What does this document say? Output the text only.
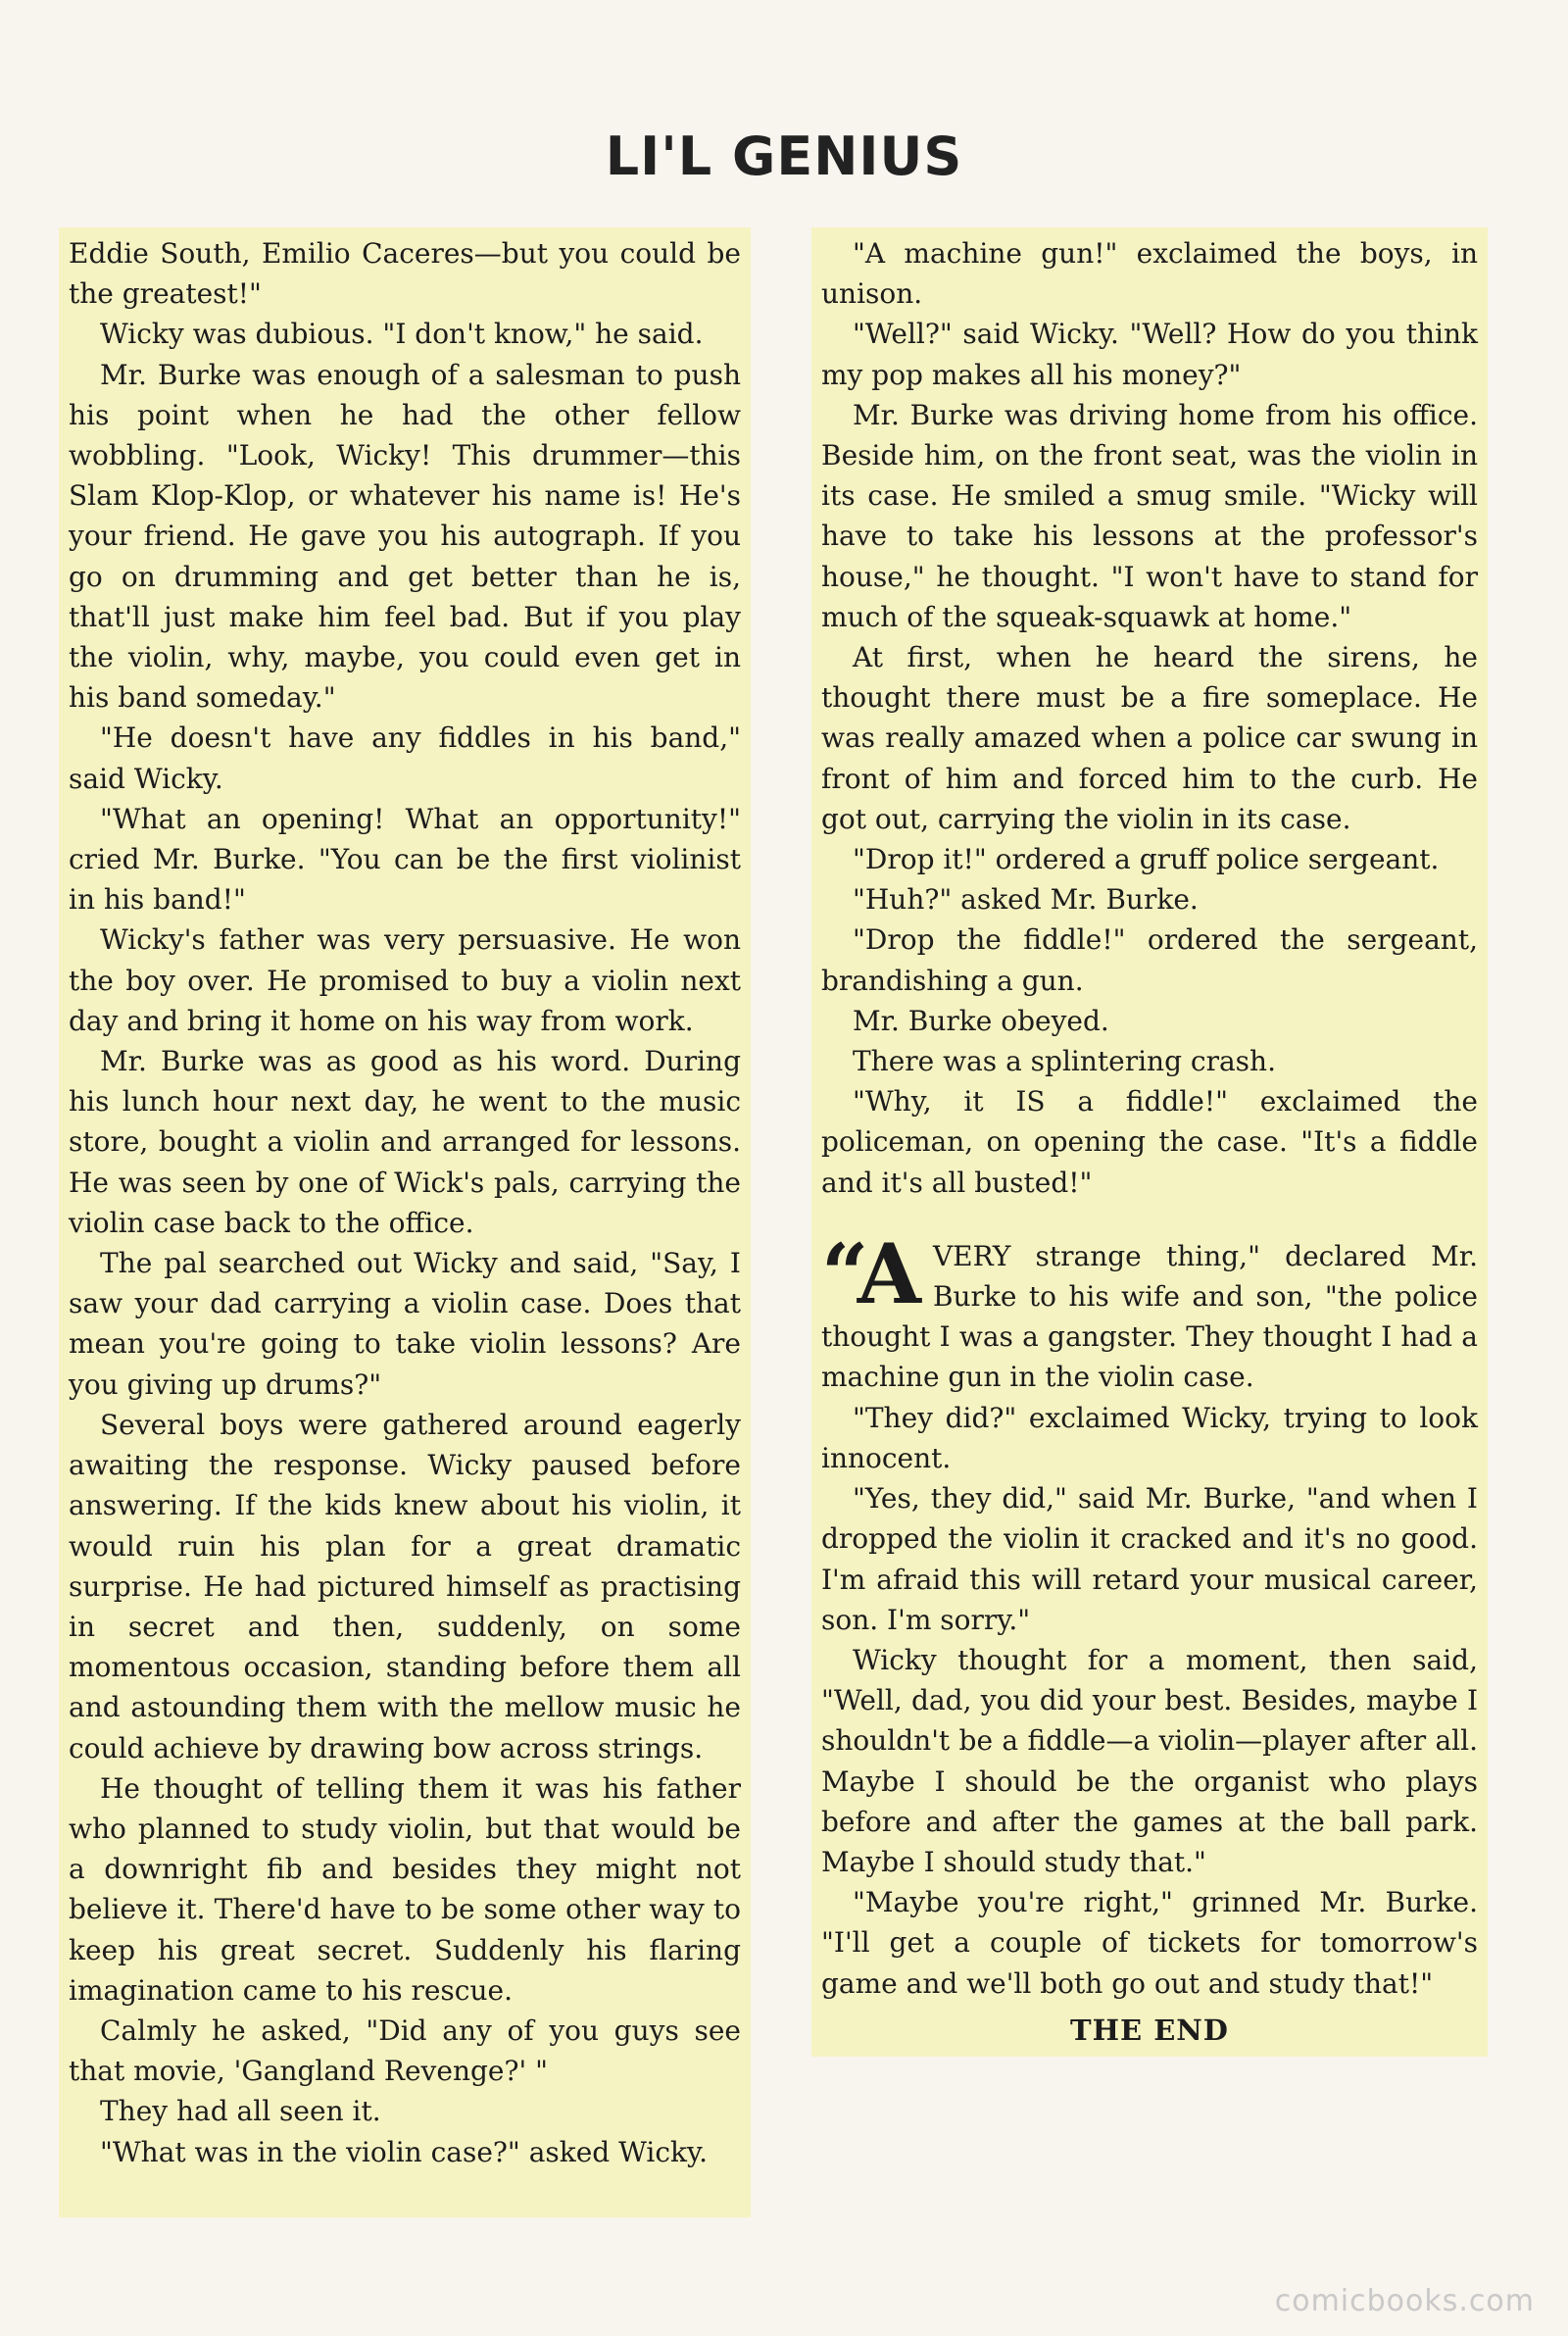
LI'L GENIUS

Eddie South, Emilio Caceres—but you could be the greatest!"

Wicky was dubious. "I don't know," he said.

Mr. Burke was enough of a salesman to push his point when he had the other fellow wobbling. "Look, Wicky! This drummer—this Slam Klop-Klop, or whatever his name is! He's your friend. He gave you his autograph. If you go on drumming and get better than he is, that'll just make him feel bad. But if you play the violin, why, maybe, you could even get in his band someday."

"He doesn't have any fiddles in his band," said Wicky.

"What an opening! What an opportunity!" cried Mr. Burke. "You can be the first violinist in his band!"

Wicky's father was very persuasive. He won the boy over. He promised to buy a violin next day and bring it home on his way from work.

Mr. Burke was as good as his word. During his lunch hour next day, he went to the music store, bought a violin and arranged for lessons. He was seen by one of Wick's pals, carrying the violin case back to the office.

The pal searched out Wicky and said, "Say, I saw your dad carrying a violin case. Does that mean you're going to take violin lessons? Are you giving up drums?"

Several boys were gathered around eagerly awaiting the response. Wicky paused before answering. If the kids knew about his violin, it would ruin his plan for a great dramatic surprise. He had pictured himself as practising in secret and then, suddenly, on some momentous occasion, standing before them all and astounding them with the mellow music he could achieve by drawing bow across strings.

He thought of telling them it was his father who planned to study violin, but that would be a downright fib and besides they might not believe it. There'd have to be some other way to keep his great secret. Suddenly his flaring imagination came to his rescue.

Calmly he asked, "Did any of you guys see that movie, 'Gangland Revenge?' "

They had all seen it.

"What was in the violin case?" asked Wicky.

"A machine gun!" exclaimed the boys, in unison.

"Well?" said Wicky. "Well? How do you think my pop makes all his money?"

Mr. Burke was driving home from his office. Beside him, on the front seat, was the violin in its case. He smiled a smug smile. "Wicky will have to take his lessons at the professor's house," he thought. "I won't have to stand for much of the squeak-squawk at home."

At first, when he heard the sirens, he thought there must be a fire someplace. He was really amazed when a police car swung in front of him and forced him to the curb. He got out, carrying the violin in its case.

"Drop it!" ordered a gruff police sergeant.

"Huh?" asked Mr. Burke.

"Drop the fiddle!" ordered the sergeant, brandishing a gun.

Mr. Burke obeyed.

There was a splintering crash.

"Why, it IS a fiddle!" exclaimed the policeman, on opening the case. "It's a fiddle and it's all busted!"

“A VERY strange thing," declared Mr. Burke to his wife and son, "the police thought I was a gangster. They thought I had a machine gun in the violin case.

"They did?" exclaimed Wicky, trying to look innocent.

"Yes, they did," said Mr. Burke, "and when I dropped the violin it cracked and it's no good. I'm afraid this will retard your musical career, son. I'm sorry."

Wicky thought for a moment, then said, "Well, dad, you did your best. Besides, maybe I shouldn't be a fiddle—a violin—player after all. Maybe I should be the organist who plays before and after the games at the ball park. Maybe I should study that."

"Maybe you're right," grinned Mr. Burke. "I'll get a couple of tickets for tomorrow's game and we'll both go out and study that!"

THE END
comicbooks.com
